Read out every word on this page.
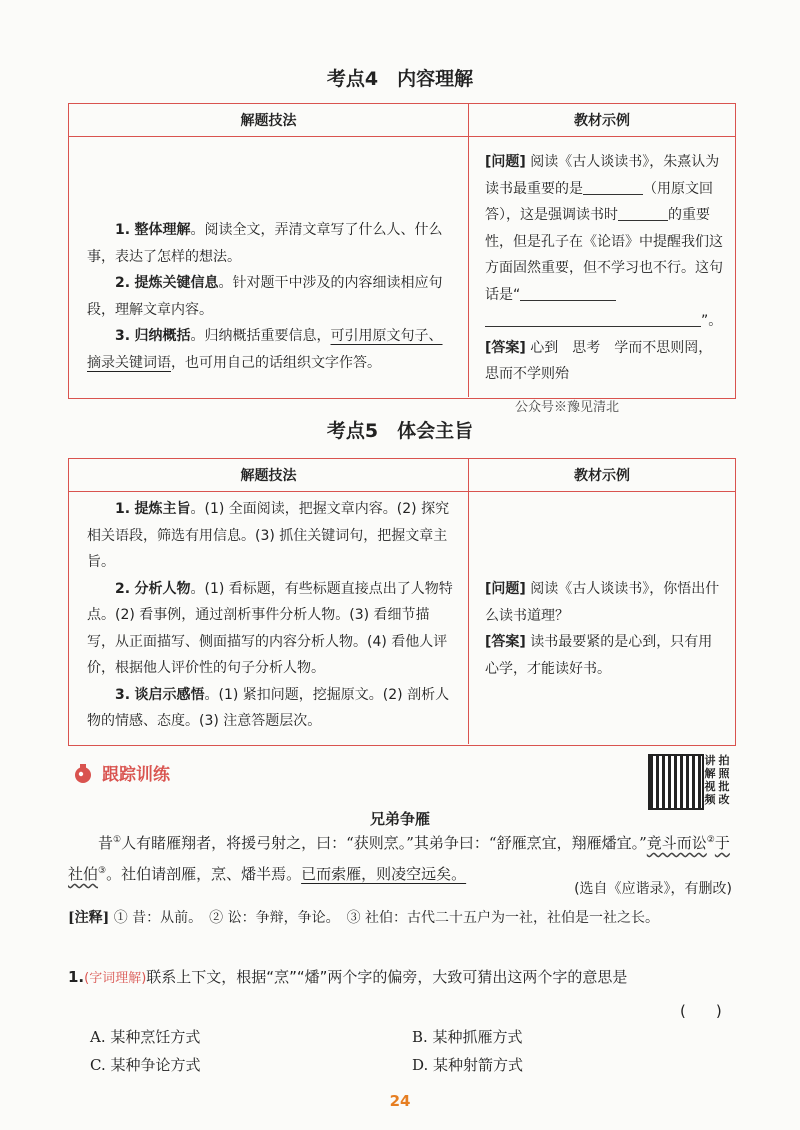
考点4　内容理解
解题技法	教材示例

1. 整体理解。阅读全文，弄清文章写了什么人、什么事，表达了怎样的想法。

2. 提炼关键信息。针对题干中涉及的内容细读相应句段，理解文章内容。

3. 归纳概括。归纳概括重要信息，可引用原文句子、摘录关键词语，也可用自己的话组织文字作答。

[问题] 阅读《古人谈读书》，朱熹认为读书最重要的是	（用原文回答），这是强调读书时	的重要性，但是孔子在《论语》中提醒我们这方面固然重要，但不学习也不行。这句话是“
”。

[答案] 心到　思考　学而不思则罔，思而不学则殆

公众号※豫见清北
考点5　体会主旨
解题技法	教材示例

1. 提炼主旨。(1) 全面阅读，把握文章内容。(2) 探究相关语段，筛选有用信息。(3) 抓住关键词句，把握文章主旨。

2. 分析人物。(1) 看标题，有些标题直接点出了人物特点。(2) 看事例，通过剖析事件分析人物。(3) 看细节描写，从正面描写、侧面描写的内容分析人物。(4) 看他人评价，根据他人评价性的句子分析人物。

3. 谈启示感悟。(1) 紧扣问题，挖掘原文。(2) 剖析人物的情感、态度。(3) 注意答题层次。

[问题] 阅读《古人谈读书》，你悟出什么读书道理？

[答案] 读书最要紧的是心到，只有用心学，才能读好书。

跟踪训练
讲 拍
解 照
视 批
频 改
兄弟争雁
昔①人有睹雁翔者，将援弓射之，曰：“获则烹。”其弟争曰：“舒雁烹宜，翔雁燔宜。”竟斗而讼②于社伯③。社伯请剖雁，烹、燔半焉。已而索雁，则凌空远矣。
(选自《应谐录》，有删改)
[注释] ① 昔：从前。　② 讼：争辩，争论。　③ 社伯：古代二十五户为一社，社伯是一社之长。
1.(字词理解)联系上下文，根据“烹”“燔”两个字的偏旁，大致可猜出这两个字的意思是
(　　)
A. 某种烹饪方式	B. 某种抓雁方式
C. 某种争论方式	D. 某种射箭方式
24
